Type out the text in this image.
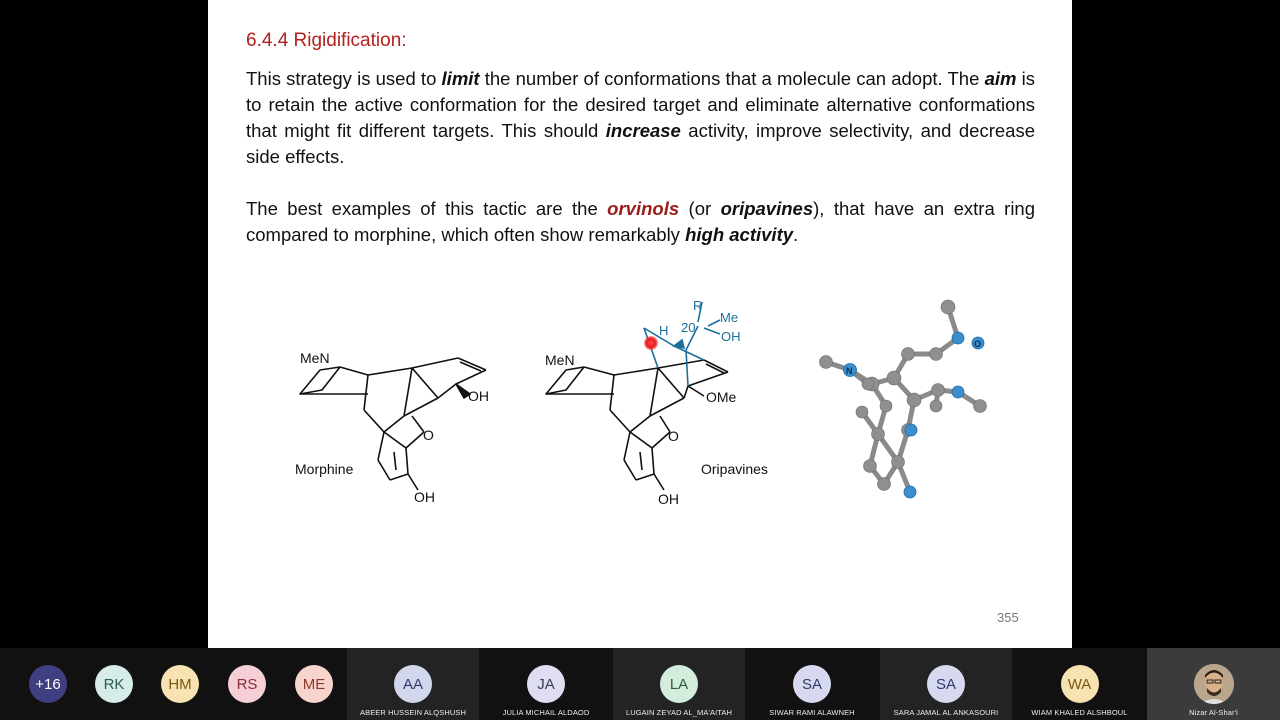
6.4.4 Rigidification:
This strategy is used to limit the number of conformations that a molecule can adopt. The aim is to retain the active conformation for the desired target and eliminate alternative conformations that might fit different targets. This should increase activity, improve selectivity, and decrease side effects.
The best examples of this tactic are the orvinols (or oripavines), that have an extra ring compared to morphine, which often show remarkably high activity.
MeN
OH
O
OH
Morphine
MeN
OMe
O
OH
Oripavines
H
R
20
Me
OH
N
O
355
+16	RK	HM	RS	ME	AA
ABEER HUSSEIN ALQSHUSH
JA
JULIA MICHAIL ALDAOD
LA
LUGAIN ZEYAD AL_MA'AITAH
SA
SIWAR RAMI ALAWNEH
SA
SARA JAMAL AL ANKASOURI
WA
WIAM KHALED ALSHBOUL	Nizar Al-Shar'i
